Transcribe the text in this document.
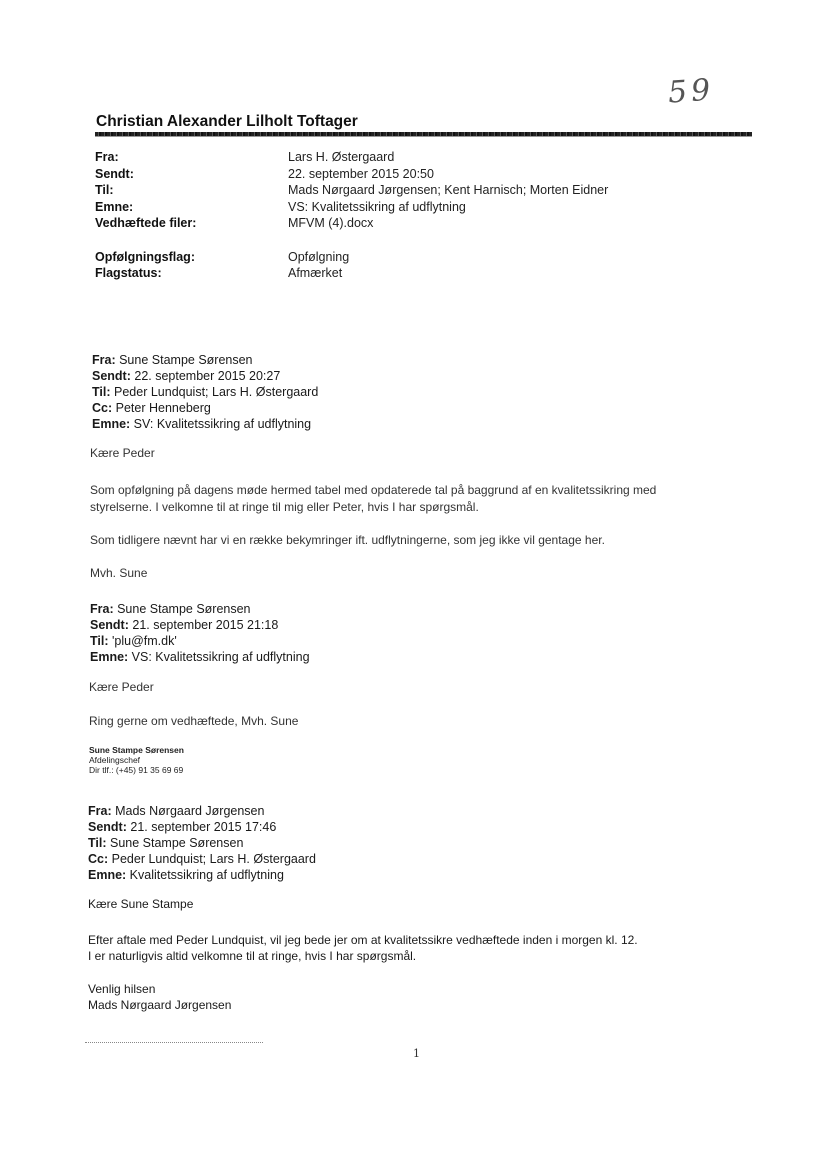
59
Christian Alexander Lilholt Toftager
Fra:	Lars H. Østergaard
Sendt:	22. september 2015 20:50
Til:	Mads Nørgaard Jørgensen; Kent Harnisch; Morten Eidner
Emne:	VS: Kvalitetssikring af udflytning
Vedhæftede filer:	MFVM (4).docx
Opfølgningsflag:	Opfølgning
Flagstatus:	Afmærket
Fra: Sune Stampe Sørensen
Sendt: 22. september 2015 20:27
Til: Peder Lundquist; Lars H. Østergaard
Cc: Peter Henneberg
Emne: SV: Kvalitetssikring af udflytning
Kære Peder
Som opfølgning på dagens møde hermed tabel med opdaterede tal på baggrund af en kvalitetssikring med
styrelserne. I velkomne til at ringe til mig eller Peter, hvis I har spørgsmål.
Som tidligere nævnt har vi en række bekymringer ift. udflytningerne, som jeg ikke vil gentage her.
Mvh. Sune
Fra: Sune Stampe Sørensen
Sendt: 21. september 2015 21:18
Til: 'plu@fm.dk'
Emne: VS: Kvalitetssikring af udflytning
Kære Peder
Ring gerne om vedhæftede, Mvh. Sune
Sune Stampe Sørensen
Afdelingschef
Dir tlf.: (+45) 91 35 69 69
Fra: Mads Nørgaard Jørgensen
Sendt: 21. september 2015 17:46
Til: Sune Stampe Sørensen
Cc: Peder Lundquist; Lars H. Østergaard
Emne: Kvalitetssikring af udflytning
Kære Sune Stampe
Efter aftale med Peder Lundquist, vil jeg bede jer om at kvalitetssikre vedhæftede inden i morgen kl. 12.
I er naturligvis altid velkomne til at ringe, hvis I har spørgsmål.
Venlig hilsen
Mads Nørgaard Jørgensen
1
